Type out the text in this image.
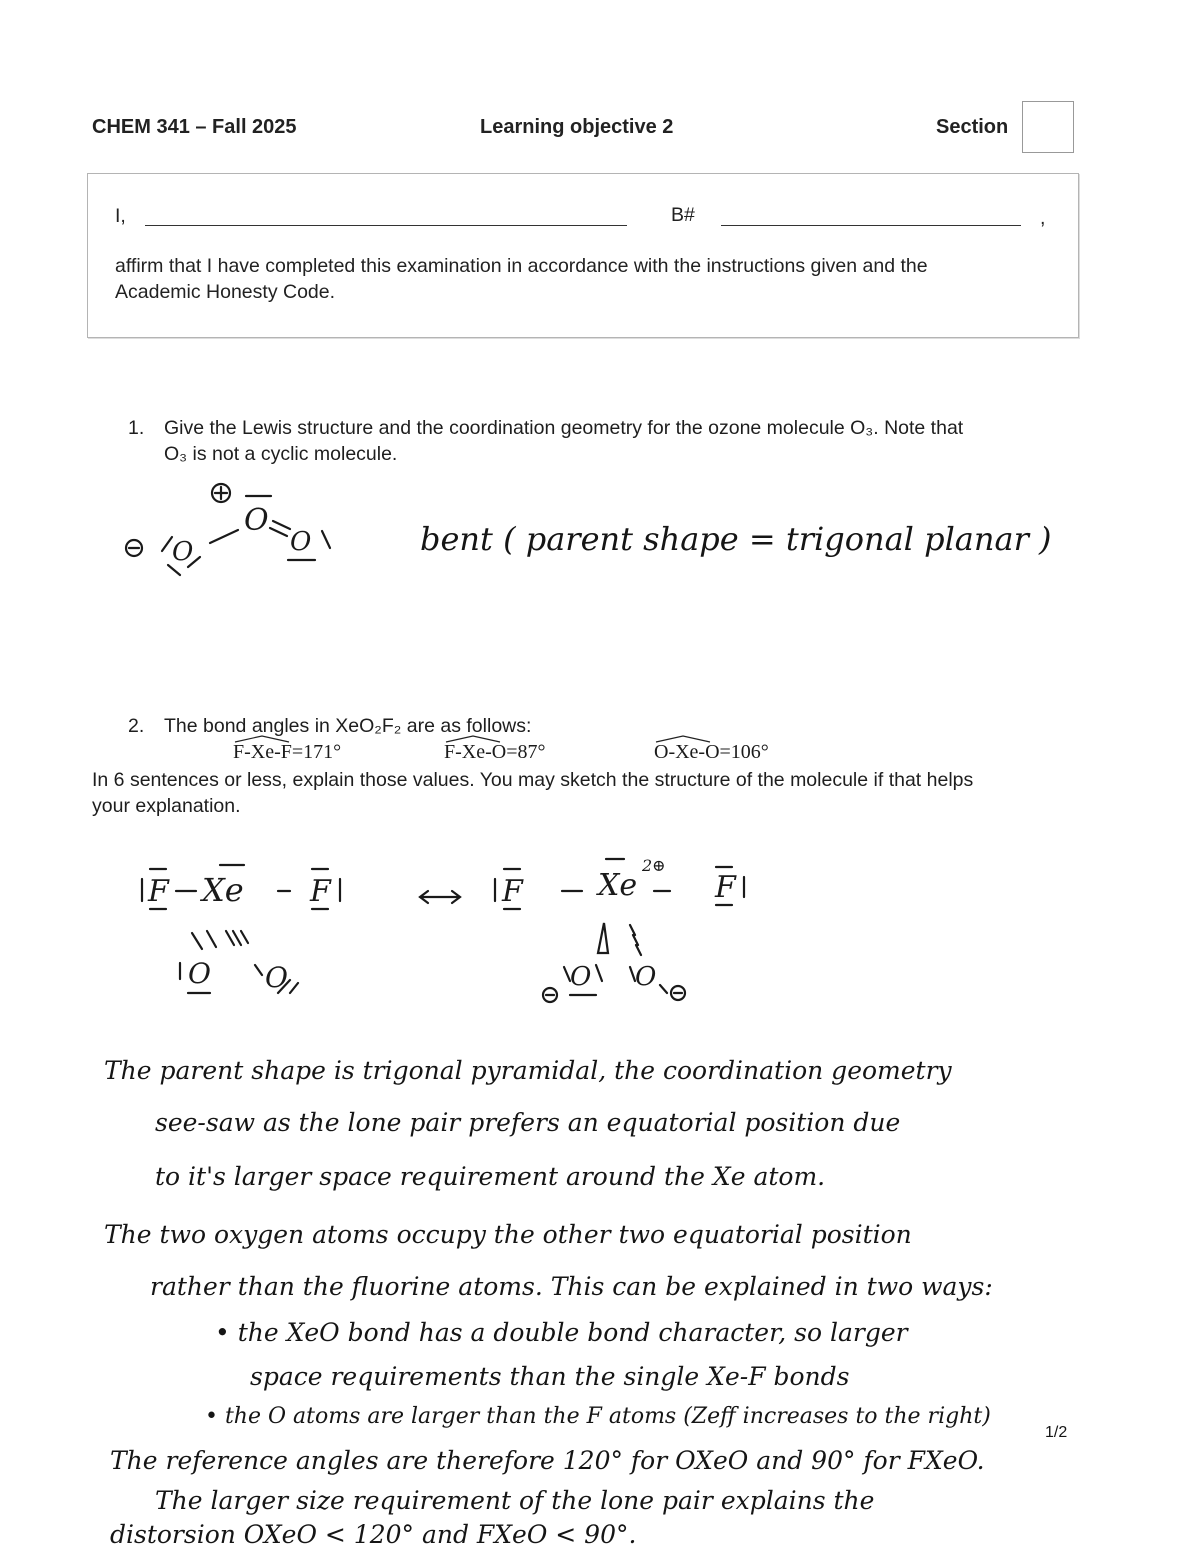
CHEM 341 – Fall 2025	Learning objective 2	Section
I,	B#	,
affirm that I have completed this examination in accordance with the instructions given and the
Academic Honesty Code.
1. Give the Lewis structure and the coordination geometry for the ozone molecule O₃. Note that
O₃ is not a cyclic molecule.
O
O
O	bent ( parent shape = trigonal planar )
2. The bond angles in XeO₂F₂ are as follows:
F-Xe-F=171°	F-Xe-O=87°	O-Xe-O=106°
In 6 sentences or less, explain those values. You may sketch the structure of the molecule if that helps
your explanation.
F Xe F
O O
F	Xe
2⊕
F
O O
The parent shape is trigonal pyramidal, the coordination geometry
see-saw as the lone pair prefers an equatorial position due
to it's larger space requirement around the Xe atom.
The two oxygen atoms occupy the other two equatorial position
rather than the fluorine atoms. This can be explained in two ways:
• the XeO bond has a double bond character, so larger
space requirements than the single Xe-F bonds
• the O atoms are larger than the F atoms (Zeff increases to the right)
1/2
The reference angles are therefore 120° for OXeO and 90° for FXeO.
The larger size requirement of the lone pair explains the
distorsion OXeO < 120° and FXeO < 90°.
